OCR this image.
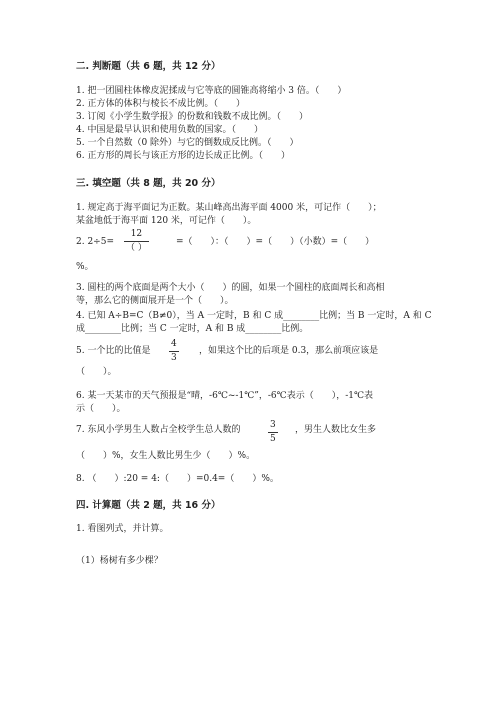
二. 判断题（共 6 题，共 12 分）
1. 把一团圆柱体橡皮泥揉成与它等底的圆锥高将缩小 3 倍。（　　）
2. 正方体的体积与棱长不成比例。（　　）
3. 订阅《小学生数学报》的份数和钱数不成比例。（　　）
4. 中国是最早认识和使用负数的国家。（　　）
5. 一个自然数（0 除外）与它的倒数成反比例。（　　）
6. 正方形的周长与该正方形的边长成正比例。（　　）
三. 填空题（共 8 题，共 20 分）
1. 规定高于海平面记为正数。某山峰高出海平面 4000 米，可记作（　　）；
某盆地低于海平面 120 米，可记作（　　）。
2. 2÷5=
12
（ ）
=（　　）：（　　）=（　　）（小数）=（　　）
%。
3. 圆柱的两个底面是两个大小（　　）的圆，如果一个圆柱的底面周长和高相
等，那么它的侧面展开是一个（　　）。
4. 已知 A÷B=C（B≠0），当 A 一定时，B 和 C 成________比例；当 B 一定时，A 和 C
成________比例；当 C 一定时，A 和 B 成________比例。
5. 一个比的比值是
4
3
，如果这个比的后项是 0.3，那么前项应该是
（　　）。
6. 某一天某市的天气预报是“晴，-6℃~-1℃”，-6℃表示（　　），-1℃表
示（　　）。
7. 东风小学男生人数占全校学生总人数的	3
5
，男生人数比女生多
（　　）%，女生人数比男生少（　　）%。
8. （　　）:20 = 4:（　　）=0.4=（　　）%。
四. 计算题（共 2 题，共 16 分）
1. 看图列式，并计算。
（1）杨树有多少棵？
